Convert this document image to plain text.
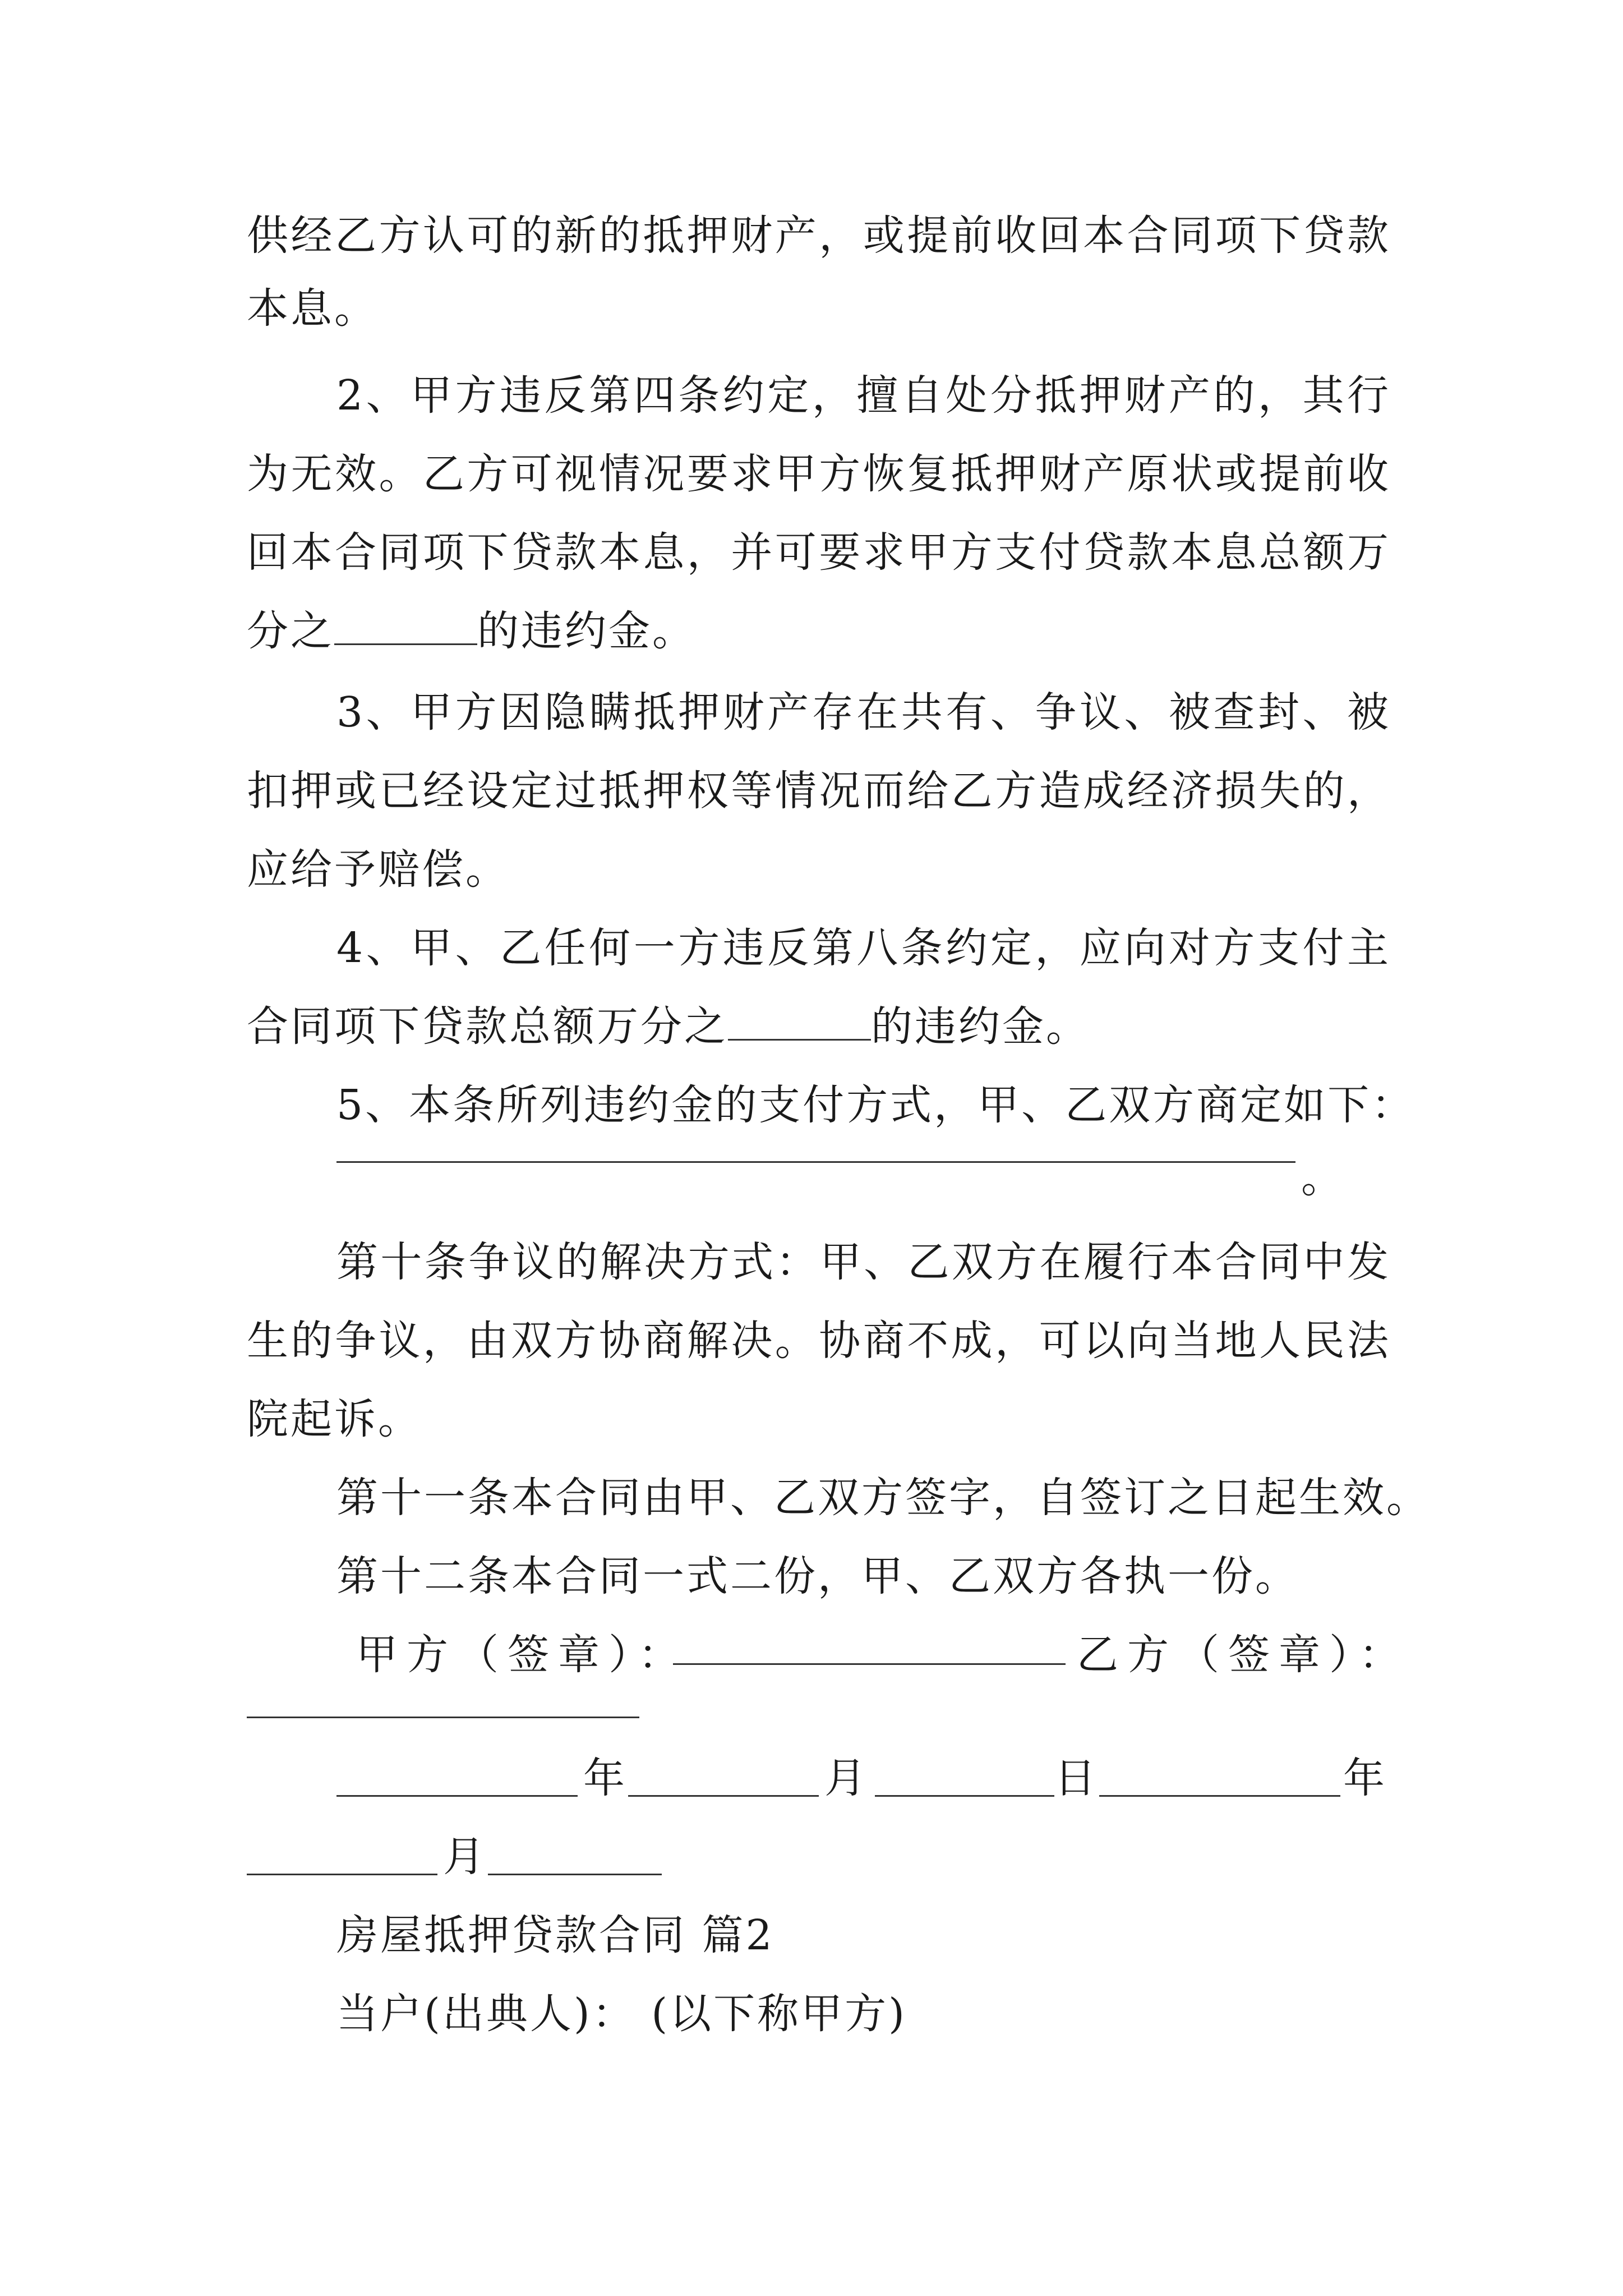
供经乙方认可的新的抵押财产，或提前收回本合同项下贷款
本息。
2、甲方违反第四条约定，擅自处分抵押财产的，其行
为无效。乙方可视情况要求甲方恢复抵押财产原状或提前收
回本合同项下贷款本息，并可要求甲方支付贷款本息总额万
分之	的违约金。
3、甲方因隐瞒抵押财产存在共有、争议、被查封、被
扣押或已经设定过抵押权等情况而给乙方造成经济损失的，
应给予赔偿。
4、甲、乙任何一方违反第八条约定，应向对方支付主
合同项下贷款总额万分之	的违约金。
5、本条所列违约金的支付方式，甲、乙双方商定如下：
。
第十条争议的解决方式：甲、乙双方在履行本合同中发
生的争议，由双方协商解决。协商不成，可以向当地人民法
院起诉。
第十一条本合同由甲、乙双方签字，自签订之日起生效。
第十二条本合同一式二份，甲、乙双方各执一份。
甲方（签章）：	乙方（签章）：
年	月	日	年
月
房屋抵押贷款合同 篇2
当户(出典人)： (以下称甲方)
